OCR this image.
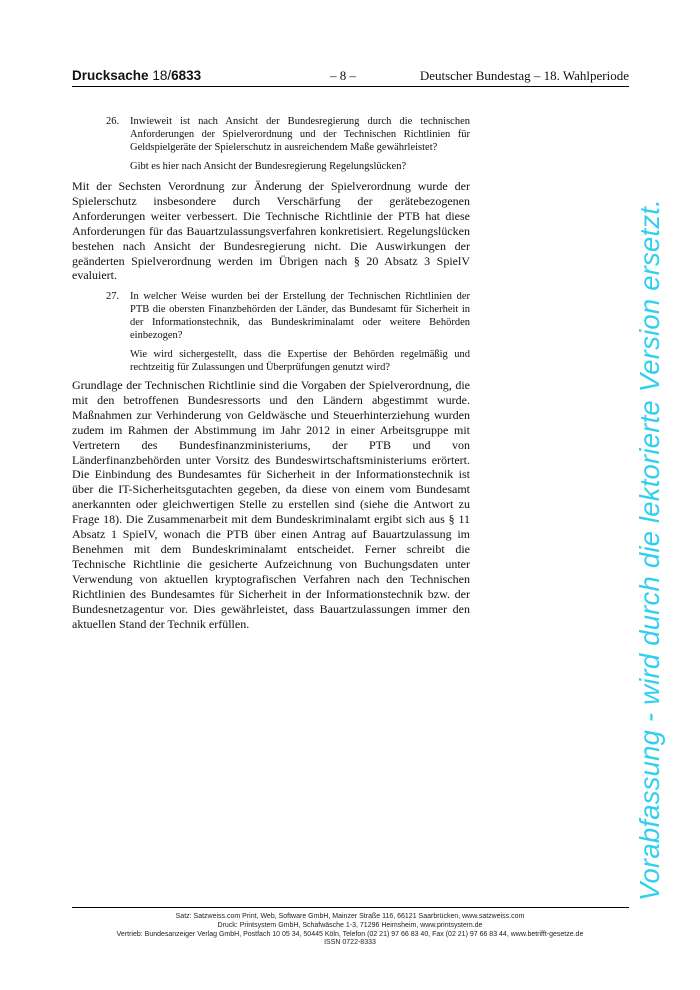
Drucksache 18/6833	– 8 –	Deutscher Bundestag – 18. Wahlperiode
26. Inwieweit ist nach Ansicht der Bundesregierung durch die technischen Anforderungen der Spielverordnung und der Technischen Richtlinien für Geldspielgeräte der Spielerschutz in ausreichendem Maße gewährleistet?
Gibt es hier nach Ansicht der Bundesregierung Regelungslücken?
Mit der Sechsten Verordnung zur Änderung der Spielverordnung wurde der Spielerschutz insbesondere durch Verschärfung der gerätebezogenen Anforderungen weiter verbessert. Die Technische Richtlinie der PTB hat diese Anforderungen für das Bauartzulassungsverfahren konkretisiert. Regelungslücken bestehen nach Ansicht der Bundesregierung nicht. Die Auswirkungen der geänderten Spielverordnung werden im Übrigen nach § 20 Absatz 3 SpielV evaluiert.
27. In welcher Weise wurden bei der Erstellung der Technischen Richtlinien der PTB die obersten Finanzbehörden der Länder, das Bundesamt für Sicherheit in der Informationstechnik, das Bundeskriminalamt oder weitere Behörden einbezogen?
Wie wird sichergestellt, dass die Expertise der Behörden regelmäßig und rechtzeitig für Zulassungen und Überprüfungen genutzt wird?
Grundlage der Technischen Richtlinie sind die Vorgaben der Spielverordnung, die mit den betroffenen Bundesressorts und den Ländern abgestimmt wurde. Maßnahmen zur Verhinderung von Geldwäsche und Steuerhinterziehung wurden zudem im Rahmen der Abstimmung im Jahr 2012 in einer Arbeitsgruppe mit Vertretern des Bundesfinanzministeriums, der PTB und von Länderfinanzbehörden unter Vorsitz des Bundeswirtschaftsministeriums erörtert. Die Einbindung des Bundesamtes für Sicherheit in der Informationstechnik ist über die IT-Sicherheitsgutachten gegeben, da diese von einem vom Bundesamt anerkannten oder gleichwertigen Stelle zu erstellen sind (siehe die Antwort zu Frage 18). Die Zusammenarbeit mit dem Bundeskriminalamt ergibt sich aus § 11 Absatz 1 SpielV, wonach die PTB über einen Antrag auf Bauartzulassung im Benehmen mit dem Bundeskriminalamt entscheidet. Ferner schreibt die Technische Richtlinie die gesicherte Aufzeichnung von Buchungsdaten unter Verwendung von aktuellen kryptografischen Verfahren nach den Technischen Richtlinien des Bundesamtes für Sicherheit in der Informationstechnik bzw. der Bundesnetzagentur vor. Dies gewährleistet, dass Bauartzulassungen immer den aktuellen Stand der Technik erfüllen.	Vorabfassung - wird durch die lektorierte Version ersetzt.
Satz: Satzweiss.com Print, Web, Software GmbH, Mainzer Straße 116, 66121 Saarbrücken, www.satzweiss.com
Druck: Printsystem GmbH, Schafwäsche 1-3, 71296 Heimsheim, www.printsystem.de
Vertrieb: Bundesanzeiger Verlag GmbH, Postfach 10 05 34, 50445 Köln, Telefon (02 21) 97 66 83 40, Fax (02 21) 97 66 83 44, www.betrifft-gesetze.de
ISSN 0722-8333
